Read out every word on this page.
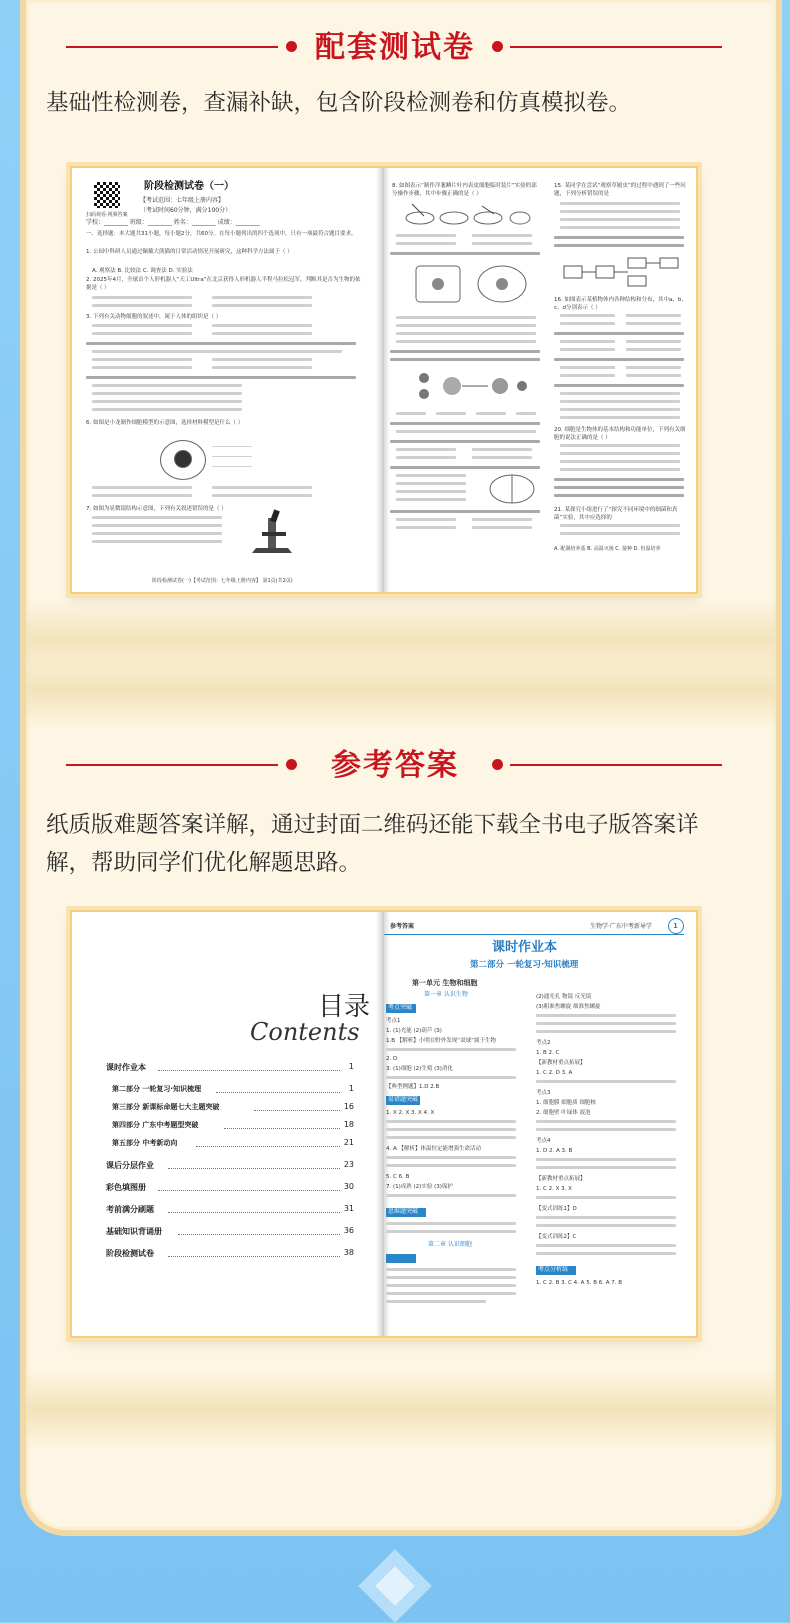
配套测试卷
基础性检测卷，查漏补缺，包含阶段检测卷和仿真模拟卷。
扫码观看·视频答案
阶段检测试卷（一）
【考试范围：七年级上册内容】
（考试时间60分钟，满分100分）
学校：________ 班级：________ 姓名：________ 成绩：________
一、选择题：本大题共31小题，每小题2分，共60分。在每小题列出的四个选项中，只有一项最符合题目要求。
1. 公园中科研人员通过佩戴大熊猫的日常活动情况开展研究，这种科学方法属于（ ）
A. 观察法 B. 比较法 C. 调查法 D. 实验法
2. 2025年4月，全球首个人形机器人“天工Ultra”在北京获得人形机器人半程马拉松冠军，判断其是否为生物的依据是（ ）
3. 下列有关动物细胞的叙述中，属于人体的组织是（ ）
6. 如图是小龙制作细胞模型的示意图，选择材料模型是什么（ ）
7. 如图为显微镜结构示意图，下列有关叙述错误的是（ ）
阶段检测试卷(一)【考试范围：七年级上册内容】 第1页(共2页)
8. 如图表示“制作洋葱鳞片叶内表皮细胞临时装片”实验的部分操作步骤，其中步骤正确的是（ ）
15. 某同学在尝试“观察草履虫”的过程中遇到了一些问题，下列分析错误的是
16. 如图表示某植物体内各种结构和分布，其中a、b、c、d分别表示（ ）
20. 细胞是生物体的基本结构和功能单位，下列有关细胞的说法正确的是（ ）
21. 某探究小组进行了“探究不同环境中的细菌和真菌”实验，其中应选择的
A. 配制培养基 B. 高温灭菌 C. 接种 D. 恒温培养
参考答案
纸质版难题答案详解，通过封面二维码还能下载全书电子版答案详解，帮助同学们优化解题思路。
目录
Contents
课时作业本	1
第二部分 一轮复习·知识梳理	1
第三部分 新课标命题七大主题突破	16
第四部分 广东中考题型突破	18
第五部分 中考新动向	21
课后分层作业	23
彩色填图册	30
考前满分刷题	31
基础知识背诵册	36
阶段检测试卷	38
参考答案	生物学·广东中考新导学	1
课时作业本
第二部分 一轮复习·知识梳理
第一单元 生物和细胞
第一章 认识生物
考点突破
考点1
1. (1)光能 (2)葫芦 (3)
1.B 【解析】小明在野外发现“双球”属于生物
2. D
3. (1)细胞 (2)生殖 (3)消化
【典型例题】1.D 2.B
易错题突破
1. X 2. X 3. X 4. X
4. A 【解析】体温恒定能增强生命活动
5. C 6. B
7. (1)成熟 (2)实验 (3)保护
思维题突破
第二章 认识细胞
(2)通光孔 物镜 反光镜
(3)粗准焦螺旋 细准焦螺旋
考点2
1. B 2. C
【新教材重点拓展】
1. C 2. D 3. A
考点3
1. 细胞膜 细胞质 细胞核
2. 细胞壁 叶绿体 液泡
考点4
1. D 2. A 3. B
【新教材重点拓展】
1. C 2. X 3. X
【变式训练1】D
【变式训练2】C
考点分析练
1. C 2. B 3. C 4. A 5. B 6. A 7. B
